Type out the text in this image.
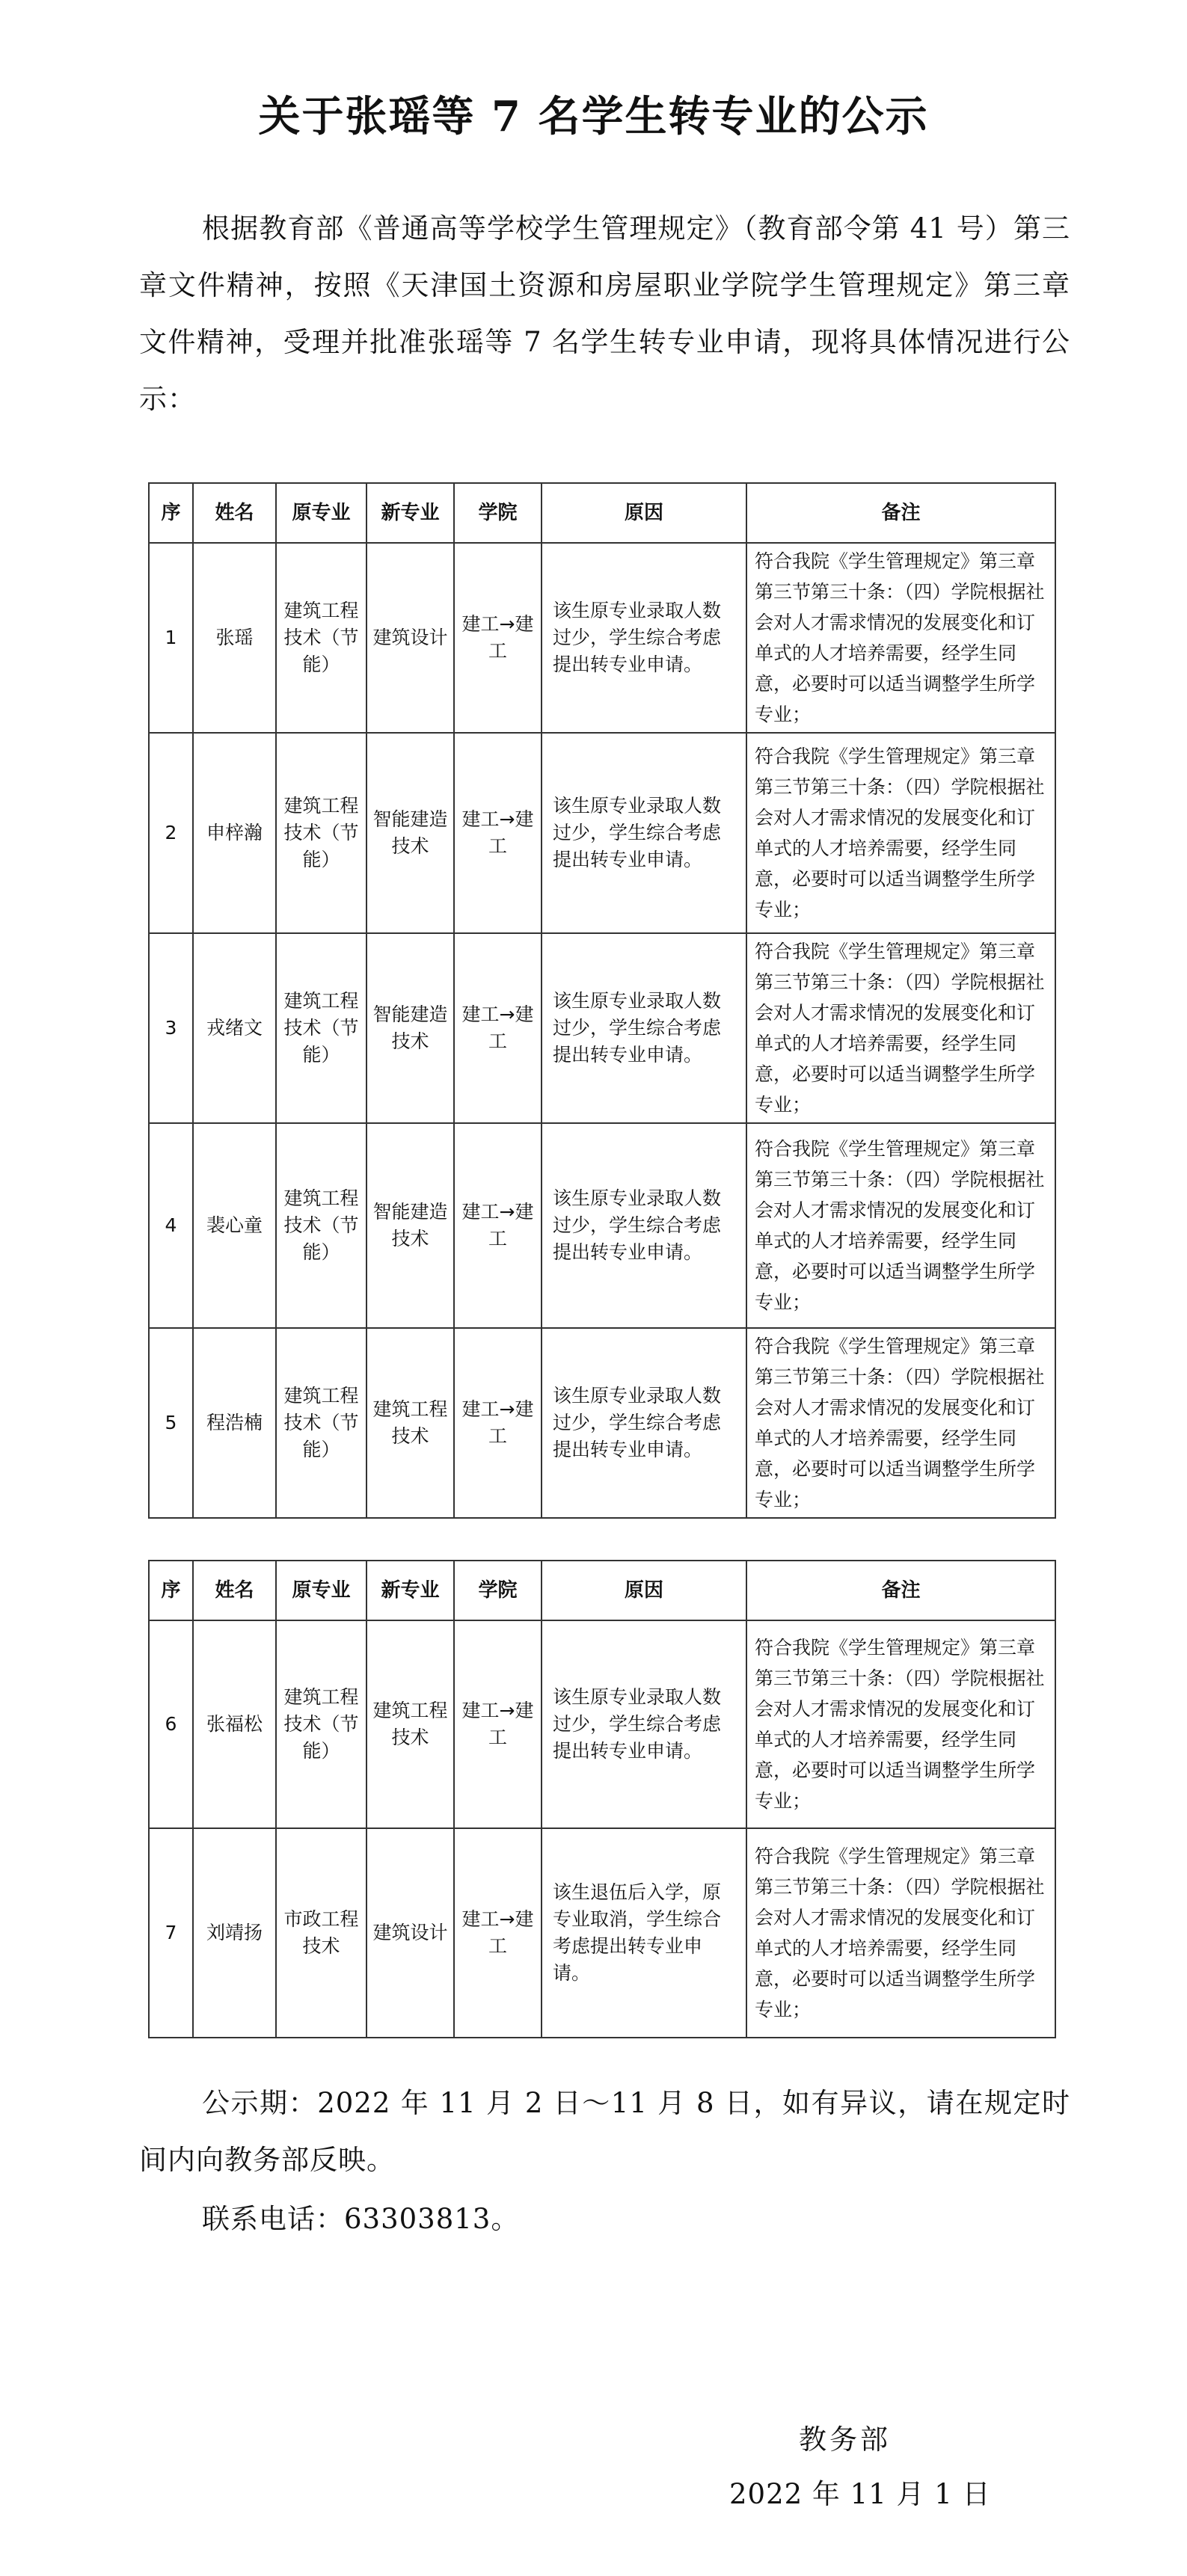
关于张瑶等 7 名学生转专业的公示

根据教育部《普通高等学校学生管理规定》（教育部令第 41 号）第三章文件精神，按照《天津国土资源和房屋职业学院学生管理规定》第三章文件精神，受理并批准张瑶等 7 名学生转专业申请，现将具体情况进行公示：

序	姓名	原专业	新专业	学院	原因	备注
1	张瑶	建筑工程技术（节能）	建筑设计	建工→建工	该生原专业录取人数过少，学生综合考虑提出转专业申请。	符合我院《学生管理规定》第三章第三节第三十条：（四）学院根据社会对人才需求情况的发展变化和订单式的人才培养需要，经学生同意，必要时可以适当调整学生所学专业；
2	申梓瀚	建筑工程技术（节能）	智能建造技术	建工→建工	该生原专业录取人数过少，学生综合考虑提出转专业申请。	符合我院《学生管理规定》第三章第三节第三十条：（四）学院根据社会对人才需求情况的发展变化和订单式的人才培养需要，经学生同意，必要时可以适当调整学生所学专业；
3	戎绪文	建筑工程技术（节能）	智能建造技术	建工→建工	该生原专业录取人数过少，学生综合考虑提出转专业申请。	符合我院《学生管理规定》第三章第三节第三十条：（四）学院根据社会对人才需求情况的发展变化和订单式的人才培养需要，经学生同意，必要时可以适当调整学生所学专业；
4	裴心童	建筑工程技术（节能）	智能建造技术	建工→建工	该生原专业录取人数过少，学生综合考虑提出转专业申请。	符合我院《学生管理规定》第三章第三节第三十条：（四）学院根据社会对人才需求情况的发展变化和订单式的人才培养需要，经学生同意，必要时可以适当调整学生所学专业；
5	程浩楠	建筑工程技术（节能）	建筑工程技术	建工→建工	该生原专业录取人数过少，学生综合考虑提出转专业申请。	符合我院《学生管理规定》第三章第三节第三十条：（四）学院根据社会对人才需求情况的发展变化和订单式的人才培养需要，经学生同意，必要时可以适当调整学生所学专业；
序	姓名	原专业	新专业	学院	原因	备注
6	张福松	建筑工程技术（节能）	建筑工程技术	建工→建工	该生原专业录取人数过少，学生综合考虑提出转专业申请。	符合我院《学生管理规定》第三章第三节第三十条：（四）学院根据社会对人才需求情况的发展变化和订单式的人才培养需要，经学生同意，必要时可以适当调整学生所学专业；
7	刘靖扬	市政工程技术	建筑设计	建工→建工	该生退伍后入学，原专业取消，学生综合考虑提出转专业申请。	符合我院《学生管理规定》第三章第三节第三十条：（四）学院根据社会对人才需求情况的发展变化和订单式的人才培养需要，经学生同意，必要时可以适当调整学生所学专业；

公示期：2022 年 11 月 2 日～11 月 8 日，如有异议，请在规定时间内向教务部反映。

联系电话：63303813。

教务部
2022 年 11 月 1 日
